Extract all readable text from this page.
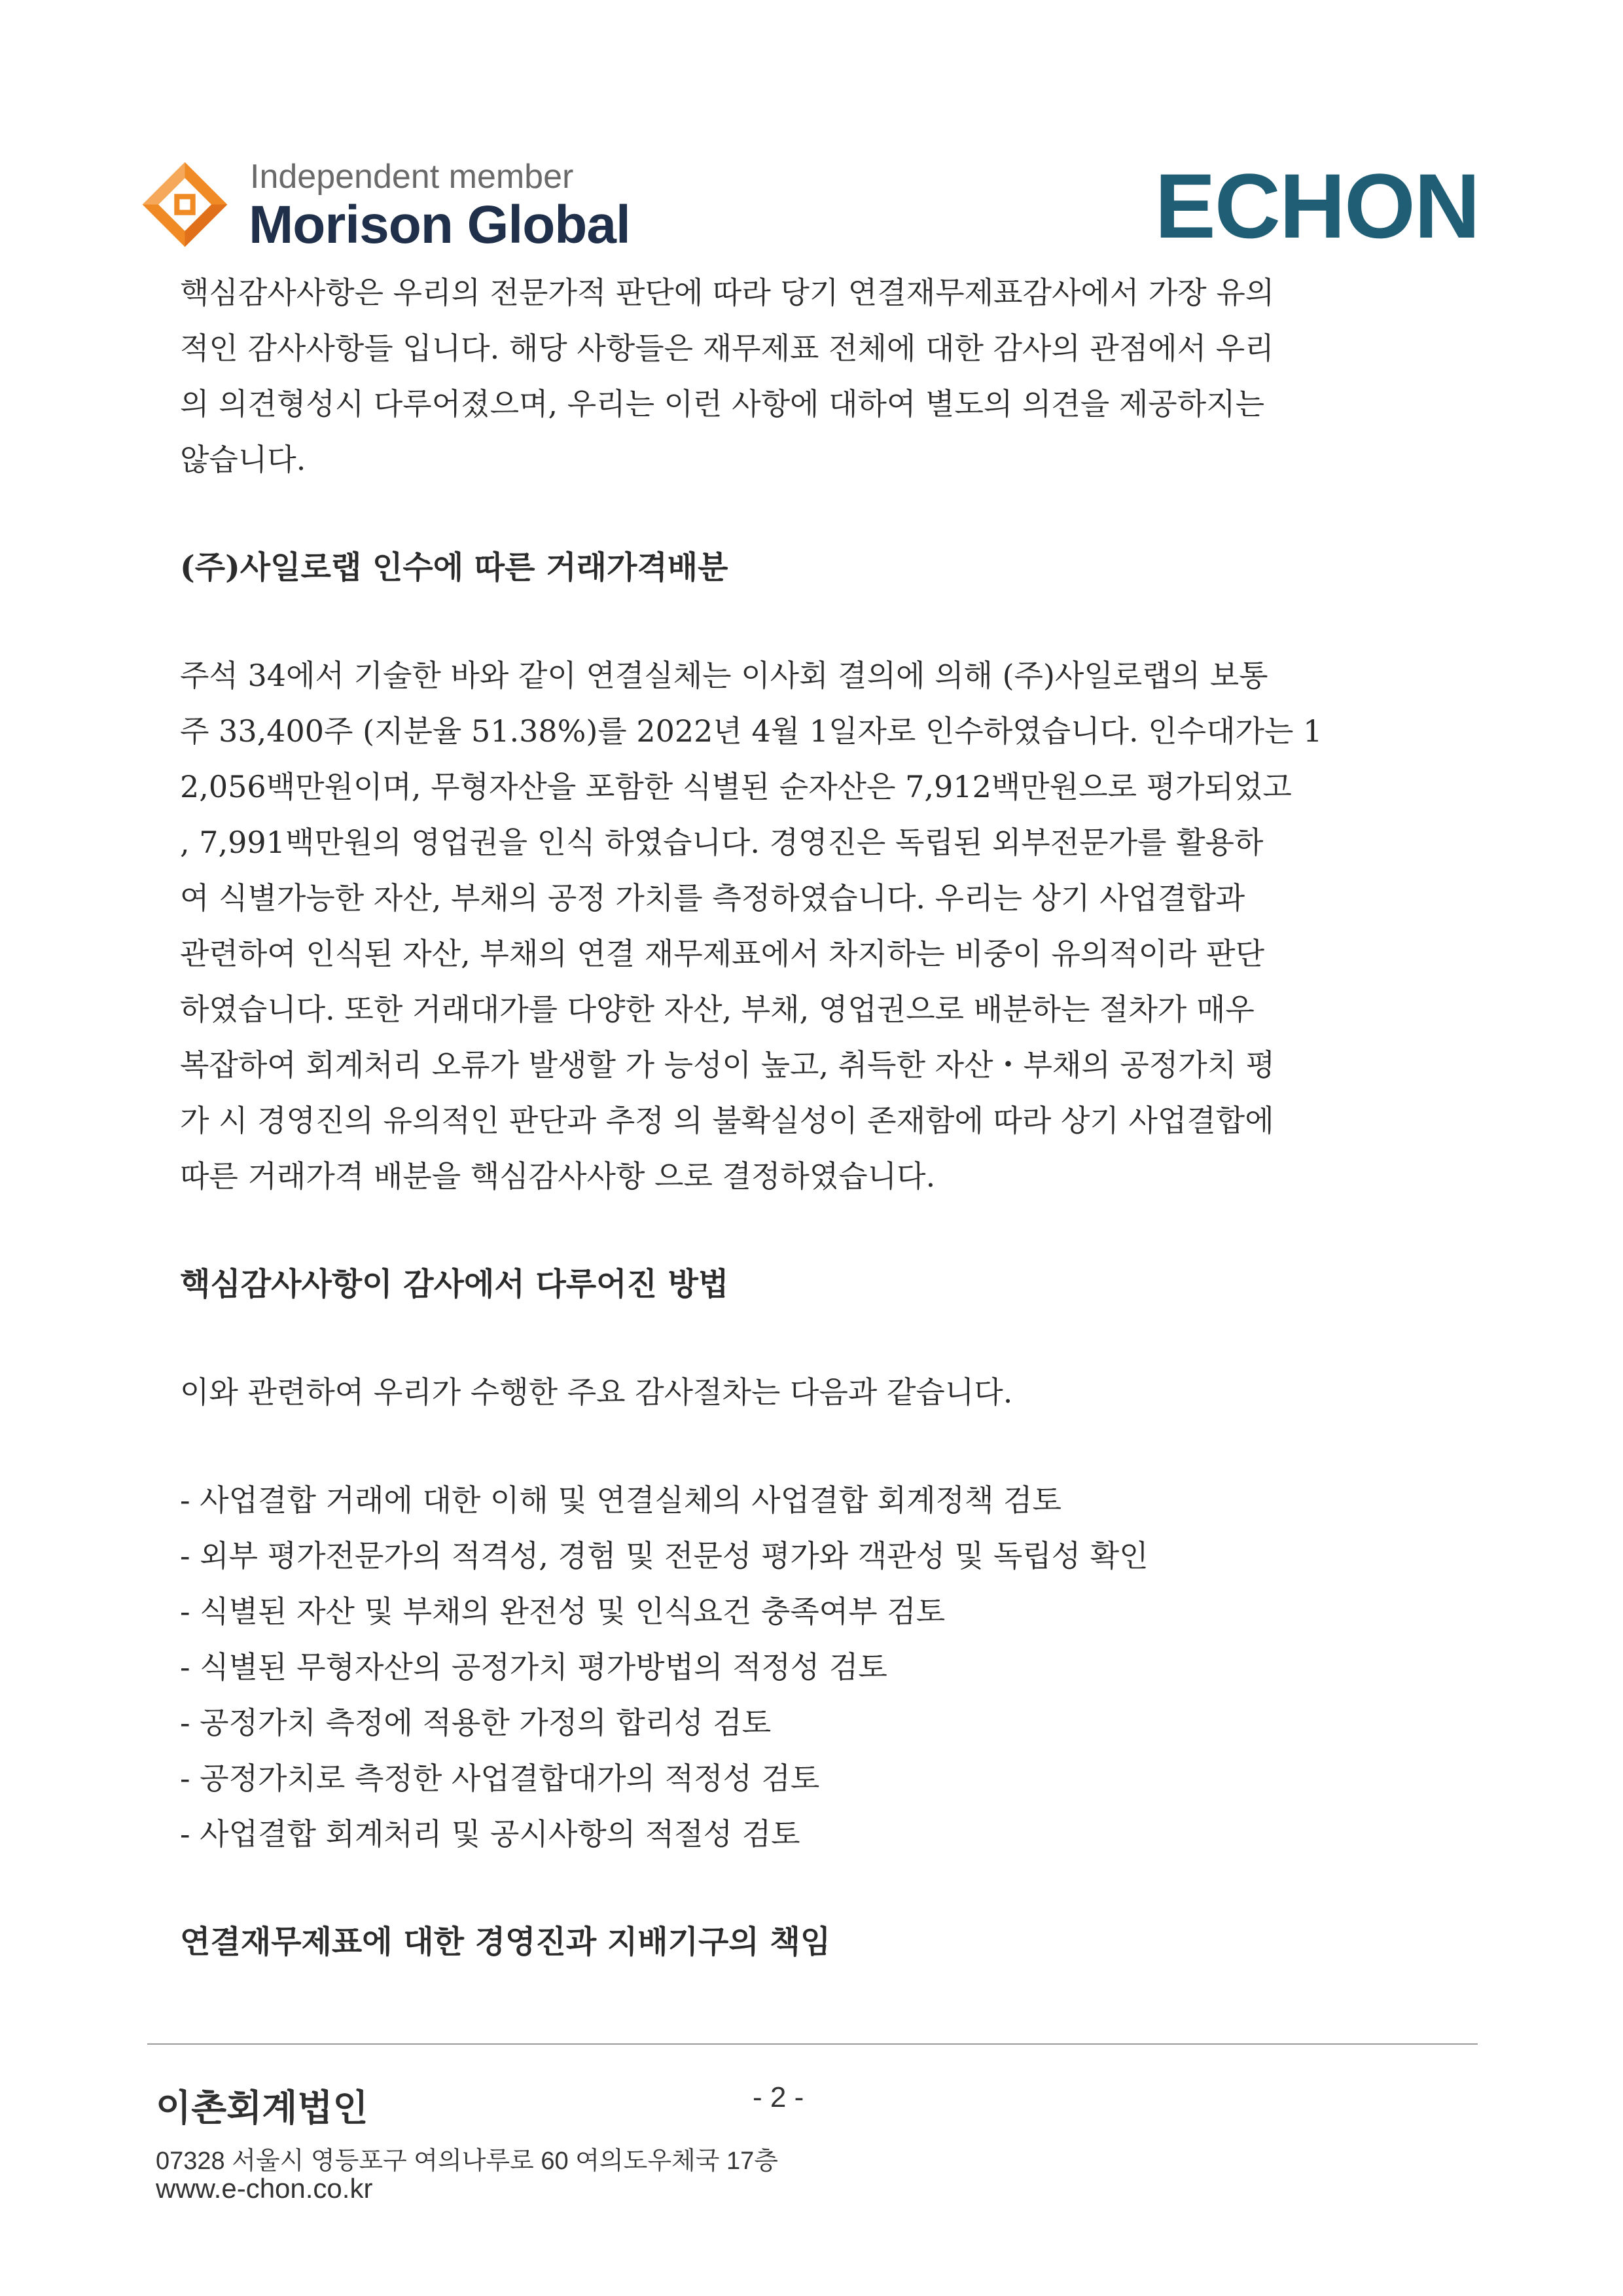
Independent member
Morison Global	ECHON

핵심감사사항은 우리의 전문가적 판단에 따라 당기 연결재무제표감사에서 가장 유의

적인 감사사항들 입니다. 해당 사항들은 재무제표 전체에 대한 감사의 관점에서 우리

의 의견형성시 다루어졌으며, 우리는 이런 사항에 대하여 별도의 의견을 제공하지는

않습니다.

(주)사일로랩 인수에 따른 거래가격배분

주석 34에서 기술한 바와 같이 연결실체는 이사회 결의에 의해 (주)사일로랩의 보통

주 33,400주 (지분율 51.38%)를 2022년 4월 1일자로 인수하였습니다. 인수대가는 1

2,056백만원이며, 무형자산을 포함한 식별된 순자산은 7,912백만원으로 평가되었고

, 7,991백만원의 영업권을 인식 하였습니다. 경영진은 독립된 외부전문가를 활용하

여 식별가능한 자산, 부채의 공정 가치를 측정하였습니다. 우리는 상기 사업결합과

관련하여 인식된 자산, 부채의 연결 재무제표에서 차지하는 비중이 유의적이라 판단

하였습니다. 또한 거래대가를 다양한 자산, 부채, 영업권으로 배분하는 절차가 매우

복잡하여 회계처리 오류가 발생할 가 능성이 높고, 취득한 자산・부채의 공정가치 평

가 시 경영진의 유의적인 판단과 추정 의 불확실성이 존재함에 따라 상기 사업결합에

따른 거래가격 배분을 핵심감사사항 으로 결정하였습니다.

핵심감사사항이 감사에서 다루어진 방법

이와 관련하여 우리가 수행한 주요 감사절차는 다음과 같습니다.

- 사업결합 거래에 대한 이해 및 연결실체의 사업결합 회계정책 검토
- 외부 평가전문가의 적격성, 경험 및 전문성 평가와 객관성 및 독립성 확인
- 식별된 자산 및 부채의 완전성 및 인식요건 충족여부 검토
- 식별된 무형자산의 공정가치 평가방법의 적정성 검토
- 공정가치 측정에 적용한 가정의 합리성 검토
- 공정가치로 측정한 사업결합대가의 적정성 검토
- 사업결합 회계처리 및 공시사항의 적절성 검토

연결재무제표에 대한 경영진과 지배기구의 책임

이촌회계법인	- 2 -
07328 서울시 영등포구 여의나루로 60 여의도우체국 17층
www.e-chon.co.kr
